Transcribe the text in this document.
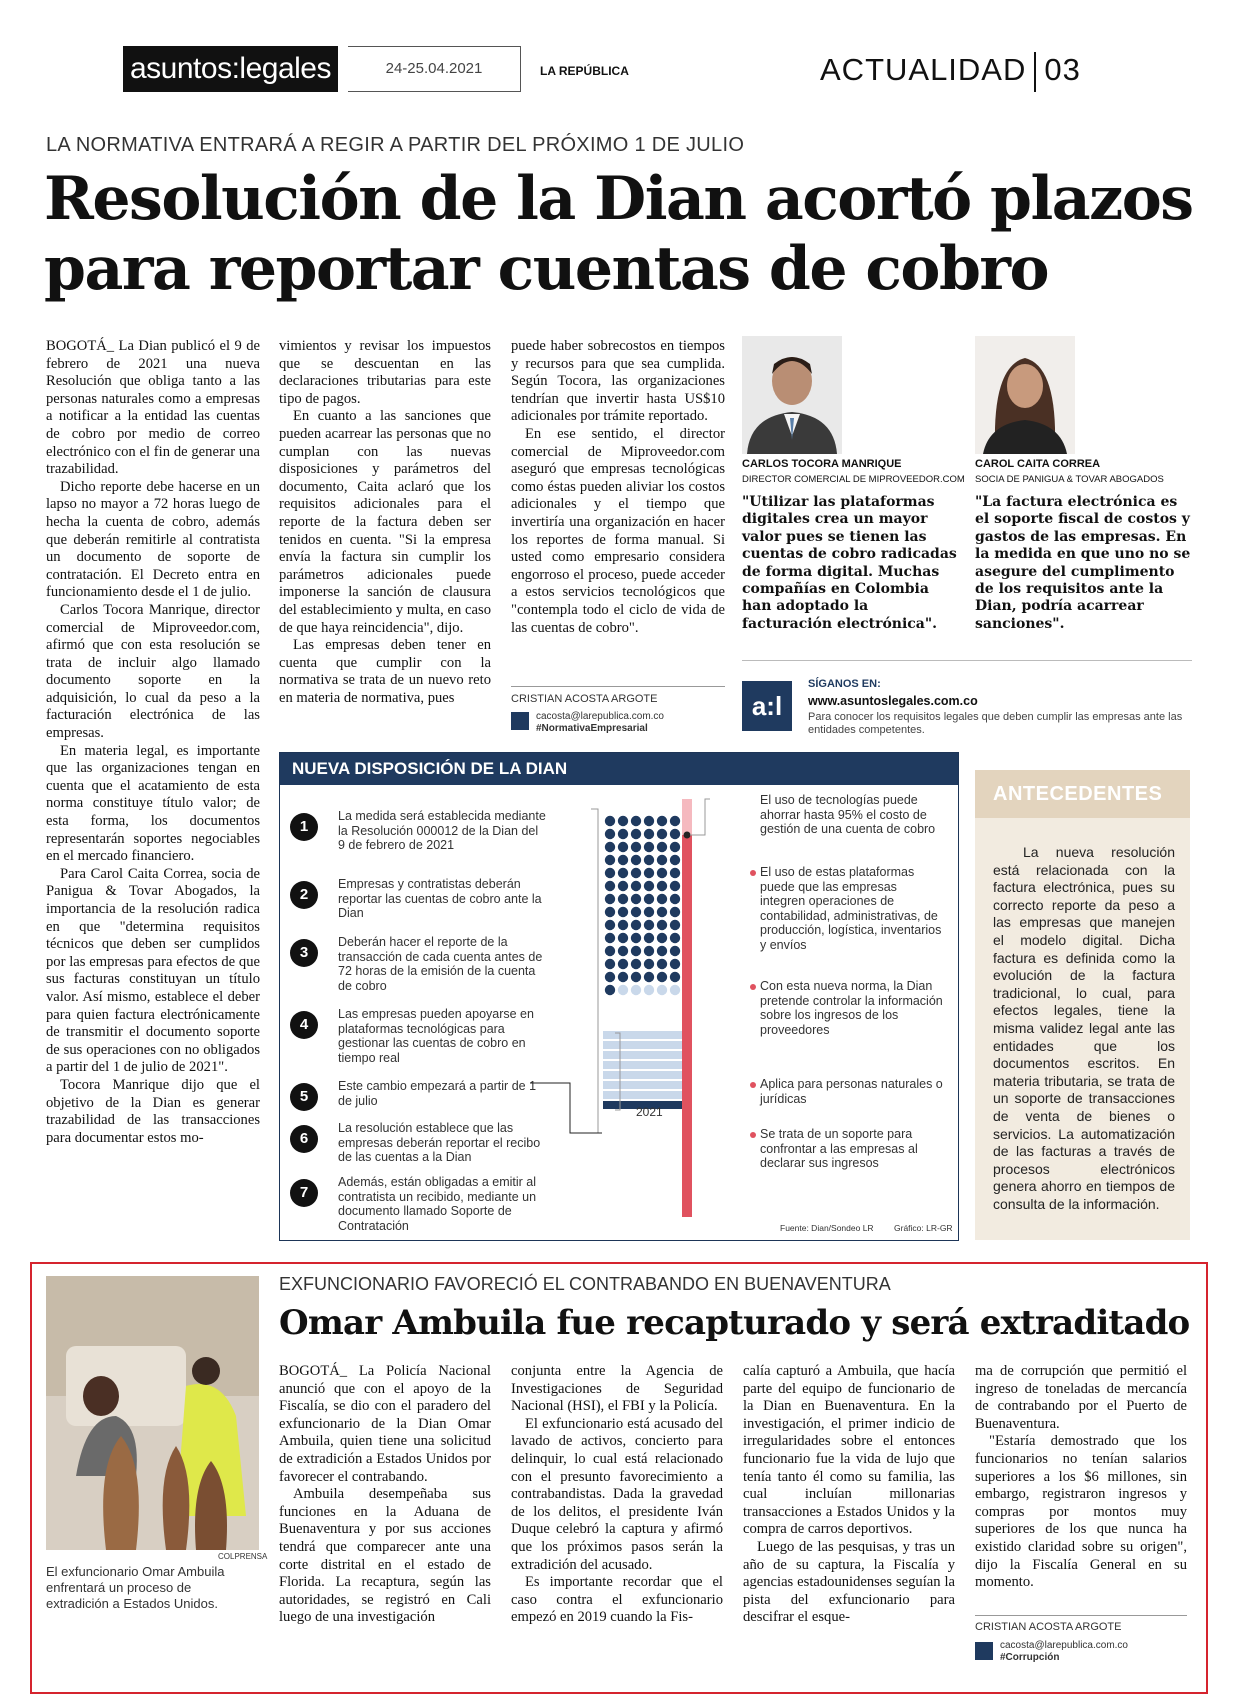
asuntos:legales	24-25.04.2021	LA REPÚBLICA	ACTUALIDAD 03
LA NORMATIVA ENTRARÁ A REGIR A PARTIR DEL PRÓXIMO 1 DE JULIO
Resolución de la Dian acortó plazos
para reportar cuentas de cobro

BOGOTÁ_ La Dian publicó el 9 de febrero de 2021 una nueva Resolución que obliga tanto a las personas naturales como a empresas a notificar a la entidad las cuentas de cobro por medio de correo electrónico con el fin de generar una trazabilidad.

Dicho reporte debe hacerse en un lapso no mayor a 72 horas luego de hecha la cuenta de cobro, además que deberán remitirle al contratista un documento de soporte de contratación. El Decreto entra en funcionamiento desde el 1 de julio.

Carlos Tocora Manrique, director comercial de Miproveedor.com, afirmó que con esta resolución se trata de incluir algo llamado documento soporte en la adquisición, lo cual da peso a la facturación electrónica de las empresas.

En materia legal, es importante que las organizaciones tengan en cuenta que el acatamiento de esta norma constituye título valor; de esta forma, los documentos representarán soportes negociables en el mercado financiero.

Para Carol Caita Correa, socia de Panigua & Tovar Abogados, la importancia de la resolución radica en que "determina requisitos técnicos que deben ser cumplidos por las empresas para efectos de que sus facturas constituyan un título valor. Así mismo, establece el deber para quien factura electrónicamente de transmitir el documento soporte de sus operaciones con no obligados a partir del 1 de julio de 2021".

Tocora Manrique dijo que el objetivo de la Dian es generar trazabilidad de las transacciones para documentar estos mo-

vimientos y revisar los impuestos que se descuentan en las declaraciones tributarias para este tipo de pagos.

En cuanto a las sanciones que pueden acarrear las personas que no cumplan con las nuevas disposiciones y parámetros del documento, Caita aclaró que los requisitos adicionales para el reporte de la factura deben ser tenidos en cuenta. "Si la empresa envía la factura sin cumplir los parámetros adicionales puede imponerse la sanción de clausura del establecimiento y multa, en caso de que haya reincidencia", dijo.

Las empresas deben tener en cuenta que cumplir con la normativa se trata de un nuevo reto en materia de normativa, pues

puede haber sobrecostos en tiempos y recursos para que sea cumplida. Según Tocora, las organizaciones tendrían que invertir hasta US$10 adicionales por trámite reportado.

En ese sentido, el director comercial de Miproveedor.com aseguró que empresas tecnológicas como éstas pueden aliviar los costos adicionales y el tiempo que invertiría una organización en hacer los reportes de forma manual. Si usted como empresario considera engorroso el proceso, puede acceder a estos servicios tecnológicos que "contempla todo el ciclo de vida de las cuentas de cobro".

CRISTIAN ACOSTA ARGOTE
cacosta@larepublica.com.co
#NormativaEmpresarial
CARLOS TOCORA MANRIQUE
DIRECTOR COMERCIAL DE MIPROVEEDOR.COM
"Utilizar las plataformas digitales crea un mayor valor pues se tienen las cuentas de cobro radicadas de forma digital. Muchas compañías en Colombia han adoptado la facturación electrónica".
CAROL CAITA CORREA
SOCIA DE PANIGUA & TOVAR ABOGADOS
"La factura electrónica es el soporte fiscal de costos y gastos de las empresas. En la medida en que uno no se asegure del cumplimento de los requisitos ante la Dian, podría acarrear sanciones".
a:l
SÍGANOS EN:
www.asuntoslegales.com.co
Para conocer los requisitos legales que deben cumplir las empresas ante las entidades competentes.
NUEVA DISPOSICIÓN DE LA DIAN
1
La medida será establecida mediante la Resolución 000012 de la Dian del 9 de febrero de 2021
2
Empresas y contratistas deberán reportar las cuentas de cobro ante la Dian
3
Deberán hacer el reporte de la transacción de cada cuenta antes de 72 horas de la emisión de la cuenta de cobro
4
Las empresas pueden apoyarse en plataformas tecnológicas para gestionar las cuentas de cobro en tiempo real
5
Este cambio empezará a partir de 1 de julio
6
La resolución establece que las empresas deberán reportar el recibo de las cuentas a la Dian
7
Además, están obligadas a emitir al contratista un recibido, mediante un documento llamado Soporte de Contratación
2021
El uso de tecnologías puede ahorrar hasta 95% el costo de gestión de una cuenta de cobro
El uso de estas plataformas puede que las empresas integren operaciones de contabilidad, administrativas, de producción, logística, inventarios y envíos
Con esta nueva norma, la Dian pretende controlar la información sobre los ingresos de los proveedores
Aplica para personas naturales o jurídicas
Se trata de un soporte para confrontar a las empresas al declarar sus ingresos
Fuente: Dian/Sondeo LR Gráfico: LR-GR
ANTECEDENTES
La nueva resolución está relacionada con la factura electrónica, pues su correcto reporte da peso a las empresas que manejen el modelo digital. Dicha factura es definida como la evolución de la factura tradicional, lo cual, para efectos legales, tiene la misma validez legal ante las entidades que los documentos escritos. En materia tributaria, se trata de un soporte de transacciones de venta de bienes o servicios. La automatización de las facturas a través de procesos electrónicos genera ahorro en tiempos de consulta de la información.
COLPRENSA
El exfuncionario Omar Ambuila enfrentará un proceso de extradición a Estados Unidos.
EXFUNCIONARIO FAVORECIÓ EL CONTRABANDO EN BUENAVENTURA
Omar Ambuila fue recapturado y será extraditado

BOGOTÁ_ La Policía Nacional anunció que con el apoyo de la Fiscalía, se dio con el paradero del exfuncionario de la Dian Omar Ambuila, quien tiene una solicitud de extradición a Estados Unidos por favorecer el contrabando.

Ambuila desempeñaba sus funciones en la Aduana de Buenaventura y por sus acciones tendrá que comparecer ante una corte distrital en el estado de Florida. La recaptura, según las autoridades, se registró en Cali luego de una investigación

conjunta entre la Agencia de Investigaciones de Seguridad Nacional (HSI), el FBI y la Policía.

El exfuncionario está acusado del lavado de activos, concierto para delinquir, lo cual está relacionado con el presunto favorecimiento a contrabandistas. Dada la gravedad de los delitos, el presidente Iván Duque celebró la captura y afirmó que los próximos pasos serán la extradición del acusado.

Es importante recordar que el caso contra el exfuncionario empezó en 2019 cuando la Fis-

calía capturó a Ambuila, que hacía parte del equipo de funcionario de la Dian en Buenaventura. En la investigación, el primer indicio de irregularidades sobre el entonces funcionario fue la vida de lujo que tenía tanto él como su familia, las cual incluían millonarias transacciones a Estados Unidos y la compra de carros deportivos.

Luego de las pesquisas, y tras un año de su captura, la Fiscalía y agencias estadounidenses seguían la pista del exfuncionario para descifrar el esque-

ma de corrupción que permitió el ingreso de toneladas de mercancía de contrabando por el Puerto de Buenaventura.

"Estaría demostrado que los funcionarios no tenían salarios superiores a los $6 millones, sin embargo, registraron ingresos y compras por montos muy superiores de los que nunca ha existido claridad sobre su origen", dijo la Fiscalía General en su momento.

CRISTIAN ACOSTA ARGOTE
cacosta@larepublica.com.co
#Corrupción
